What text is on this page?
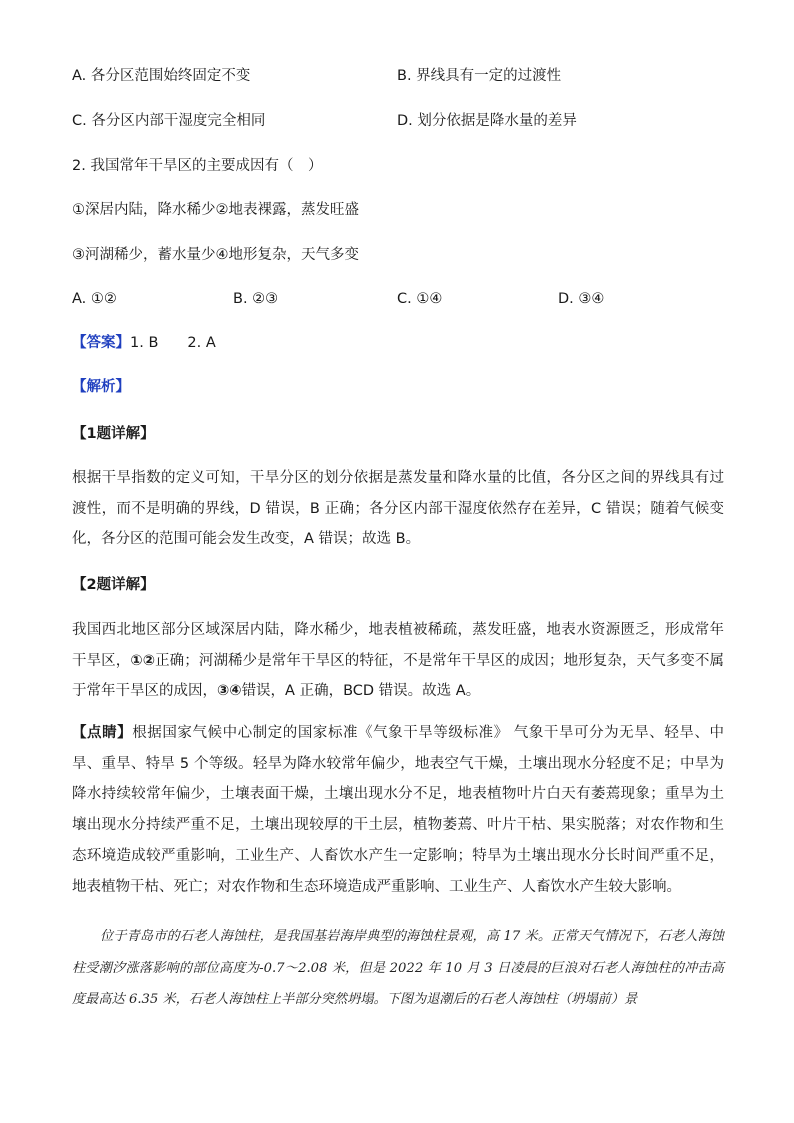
A. 各分区范围始终固定不变	B. 界线具有一定的过渡性
C. 各分区内部干湿度完全相同	D. 划分依据是降水量的差异
2. 我国常年干旱区的主要成因有（　）
①深居内陆，降水稀少②地表裸露，蒸发旺盛
③河湖稀少，蓄水量少④地形复杂，天气多变
A. ①②	B. ②③	C. ①④	D. ③④
【答案】1. B　　2. A
【解析】
【1题详解】
根据干旱指数的定义可知，干旱分区的划分依据是蒸发量和降水量的比值，各分区之间的界线具有过渡性，而不是明确的界线，D 错误，B 正确；各分区内部干湿度依然存在差异，C 错误；随着气候变化，各分区的范围可能会发生改变，A 错误；故选 B。
【2题详解】
我国西北地区部分区域深居内陆，降水稀少，地表植被稀疏，蒸发旺盛，地表水资源匮乏，形成常年干旱区，①②正确；河湖稀少是常年干旱区的特征，不是常年干旱区的成因；地形复杂，天气多变不属于常年干旱区的成因，③④错误，A 正确，BCD 错误。故选 A。
【点睛】根据国家气候中心制定的国家标准《气象干旱等级标准》 气象干旱可分为无旱、轻旱、中旱、重旱、特旱 5 个等级。轻旱为降水较常年偏少，地表空气干燥，土壤出现水分轻度不足；中旱为降水持续较常年偏少，土壤表面干燥，土壤出现水分不足，地表植物叶片白天有萎蔫现象；重旱为土壤出现水分持续严重不足，土壤出现较厚的干土层，植物萎蔫、叶片干枯、果实脱落；对农作物和生态环境造成较严重影响，工业生产、人畜饮水产生一定影响；特旱为土壤出现水分长时间严重不足，地表植物干枯、死亡；对农作物和生态环境造成严重影响、工业生产、人畜饮水产生较大影响。
位于青岛市的石老人海蚀柱，是我国基岩海岸典型的海蚀柱景观，高 17 米。正常天气情况下，石老人海蚀柱受潮汐涨落影响的部位高度为-0.7～2.08 米，但是 2022 年 10 月 3 日凌晨的巨浪对石老人海蚀柱的冲击高度最高达 6.35 米，石老人海蚀柱上半部分突然坍塌。下图为退潮后的石老人海蚀柱（坍塌前）景
